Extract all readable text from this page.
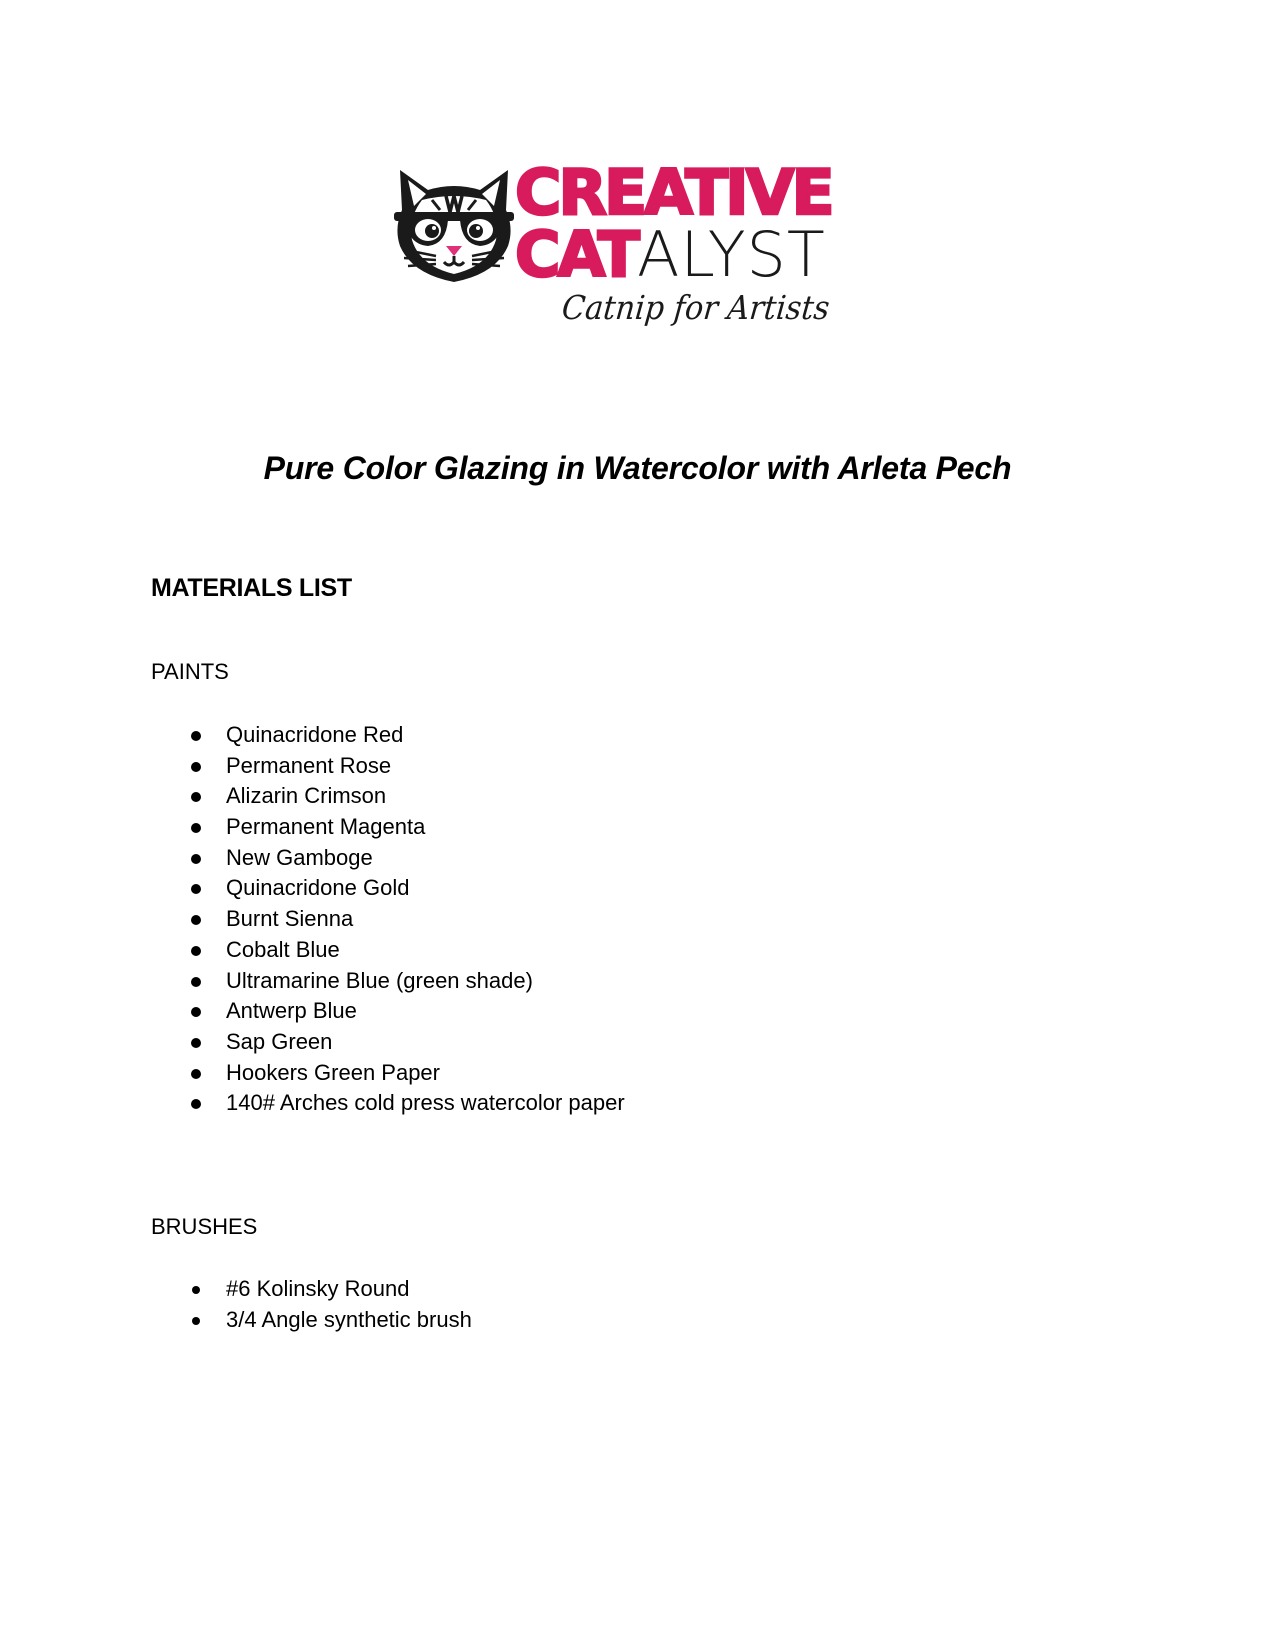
CREATIVE
CATALYST
Catnip for Artists
Pure Color Glazing in Watercolor with Arleta Pech
MATERIALS LIST
PAINTS
Quinacridone Red
Permanent Rose
Alizarin Crimson
Permanent Magenta
New Gamboge
Quinacridone Gold
Burnt Sienna
Cobalt Blue
Ultramarine Blue (green shade)
Antwerp Blue
Sap Green
Hookers Green Paper
140# Arches cold press watercolor paper
BRUSHES
#6 Kolinsky Round
3/4 Angle synthetic brush
